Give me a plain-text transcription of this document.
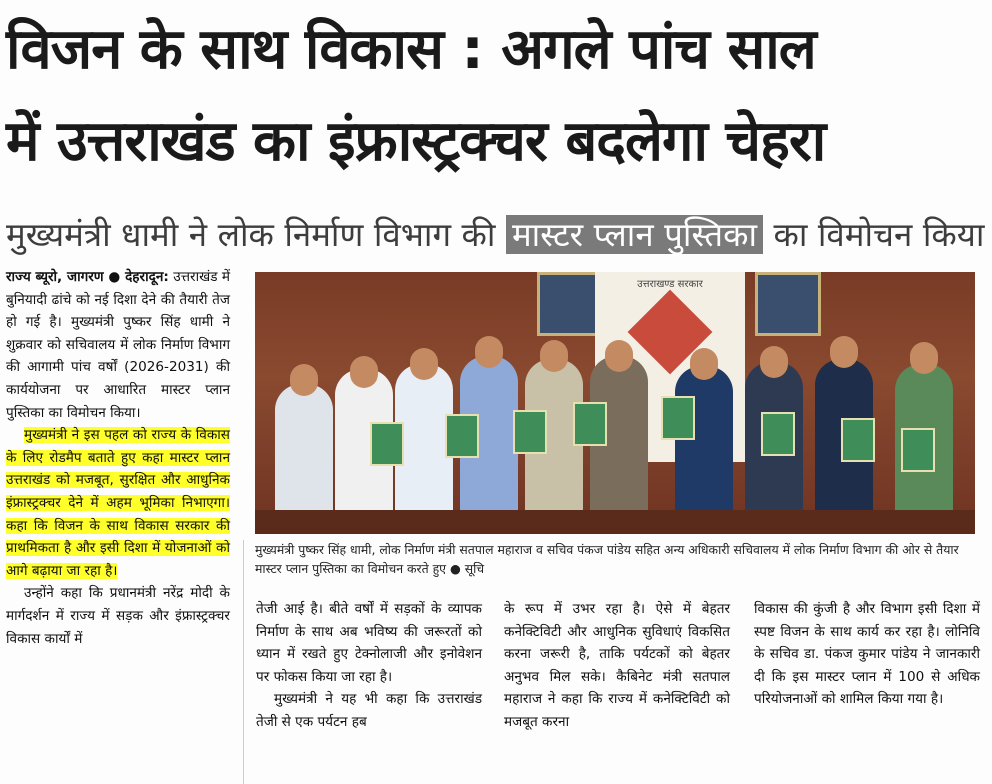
विजन के साथ विकास : अगले पांच साल
में उत्तराखंड का इंफ्रास्ट्रक्चर बदलेगा चेहरा
मुख्यमंत्री धामी ने लोक निर्माण विभाग की मास्टर प्लान पुस्तिका का विमोचन किया
राज्य ब्यूरो, जागरण ● देहरादून: उत्तराखंड में बुनियादी ढांचे को नई दिशा देने की तैयारी तेज हो गई है। मुख्यमंत्री पुष्कर सिंह धामी ने शुक्रवार को सचिवालय में लोक निर्माण विभाग की आगामी पांच वर्षों (2026-2031) की कार्ययोजना पर आधारित मास्टर प्लान पुस्तिका का विमोचन किया।
मुख्यमंत्री ने इस पहल को राज्य के विकास के लिए रोडमैप बताते हुए कहा मास्टर प्लान उत्तराखंड को मजबूत, सुरक्षित और आधुनिक इंफ्रास्ट्रक्चर देने में अहम भूमिका निभाएगा। कहा कि विजन के साथ विकास सरकार की प्राथमिकता है और इसी दिशा में योजनाओं को आगे बढ़ाया जा रहा है।
उन्होंने कहा कि प्रधानमंत्री नरेंद्र मोदी के मार्गदर्शन में राज्य में सड़क और इंफ्रास्ट्रक्चर विकास कार्यों में
उत्तराखण्ड सरकार
मुख्यमंत्री पुष्कर सिंह धामी, लोक निर्माण मंत्री सतपाल महाराज व सचिव पंकज पांडेय सहित अन्य अधिकारी सचिवालय में लोक निर्माण विभाग की ओर से तैयार मास्टर प्लान पुस्तिका का विमोचन करते हुए ● सूचि
तेजी आई है। बीते वर्षों में सड़कों के व्यापक निर्माण के साथ अब भविष्य की जरूरतों को ध्यान में रखते हुए टेक्नोलाजी और इनोवेशन पर फोकस किया जा रहा है।
मुख्यमंत्री ने यह भी कहा कि उत्तराखंड तेजी से एक पर्यटन हब
के रूप में उभर रहा है। ऐसे में बेहतर कनेक्टिविटी और आधुनिक सुविधाएं विकसित करना जरूरी है, ताकि पर्यटकों को बेहतर अनुभव मिल सके। कैबिनेट मंत्री सतपाल महाराज ने कहा कि राज्य में कनेक्टिविटी को मजबूत करना
विकास की कुंजी है और विभाग इसी दिशा में स्पष्ट विजन के साथ कार्य कर रहा है। लोनिवि के सचिव डा. पंकज कुमार पांडेय ने जानकारी दी कि इस मास्टर प्लान में 100 से अधिक परियोजनाओं को शामिल किया गया है।
